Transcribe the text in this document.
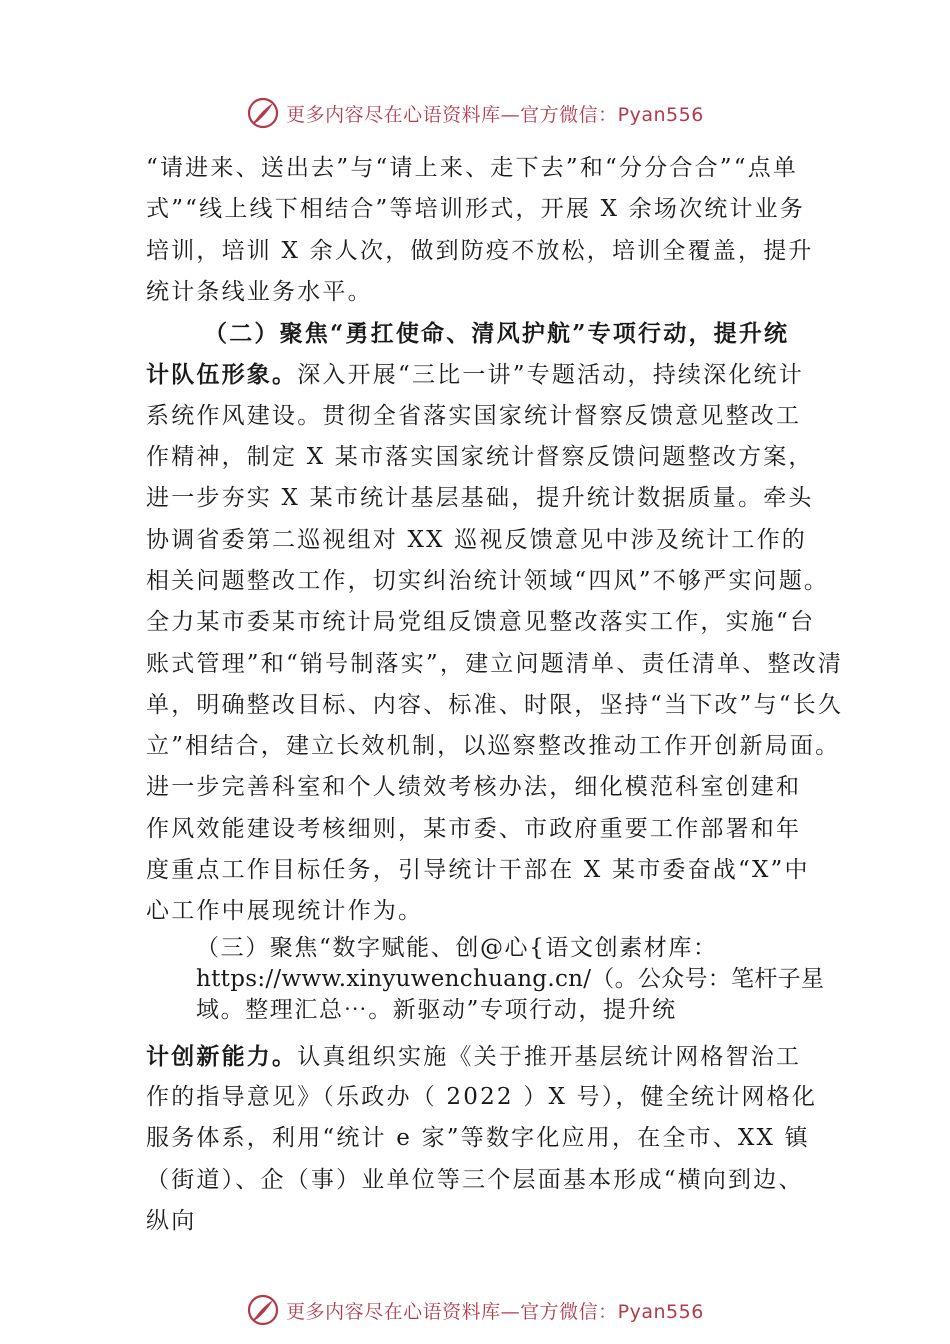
更多内容尽在心语资料库—官方微信：Pyan556
“请进来、送出去”与“请上来、走下去”和“分分合合”“点单
式”“线上线下相结合”等培训形式，开展 X 余场次统计业务
培训，培训 X 余人次，做到防疫不放松，培训全覆盖，提升
统计条线业务水平。
（二）聚焦“勇扛使命、清风护航”专项行动，提升统
计队伍形象。深入开展“三比一讲”专题活动，持续深化统计
系统作风建设。贯彻全省落实国家统计督察反馈意见整改工
作精神，制定 X 某市落实国家统计督察反馈问题整改方案，
进一步夯实 X 某市统计基层基础，提升统计数据质量。牵头
协调省委第二巡视组对 XX 巡视反馈意见中涉及统计工作的
相关问题整改工作，切实纠治统计领域“四风”不够严实问题。
全力某市委某市统计局党组反馈意见整改落实工作，实施“台
账式管理”和“销号制落实”，建立问题清单、责任清单、整改清
单，明确整改目标、内容、标准、时限，坚持“当下改”与“长久
立”相结合，建立长效机制，以巡察整改推动工作开创新局面。
进一步完善科室和个人绩效考核办法，细化模范科室创建和
作风效能建设考核细则，某市委、市政府重要工作部署和年
度重点工作目标任务，引导统计干部在 X 某市委奋战“X”中
心工作中展现统计作为。
（三）聚焦“数字赋能、创@心{语文创素材库：
https://www.xinyuwenchuang.cn/（。公众号：笔杆子星
域。整理汇总⋯。新驱动”专项行动，提升统
计创新能力。认真组织实施《关于推开基层统计网格智治工
作的指导意见》（乐政办（ 2022 ）X 号），健全统计网格化
服务体系，利用“统计 e 家”等数字化应用，在全市、XX 镇
（街道）、企（事）业单位等三个层面基本形成“横向到边、
纵向
更多内容尽在心语资料库—官方微信：Pyan556
